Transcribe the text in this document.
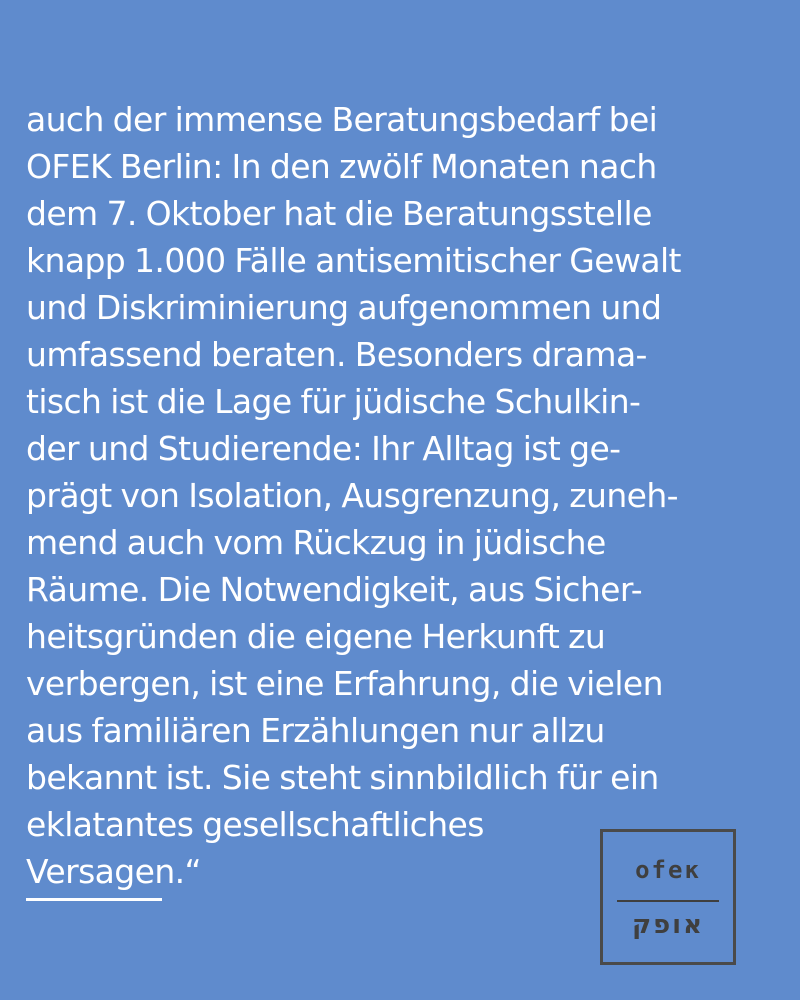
auch der immense Beratungsbedarf bei
OFEK Berlin: In den zwölf Monaten nach
dem 7. Oktober hat die Beratungsstelle
knapp 1.000 Fälle antisemitischer Gewalt
und Diskriminierung aufgenommen und
umfassend beraten. Besonders drama-
tisch ist die Lage für jüdische Schulkin-
der und Studierende: Ihr Alltag ist ge-
prägt von Isolation, Ausgrenzung, zuneh-
mend auch vom Rückzug in jüdische
Räume. Die Notwendigkeit, aus Sicher-
heitsgründen die eigene Herkunft zu
verbergen, ist eine Erfahrung, die vielen
aus familiären Erzählungen nur allzu
bekannt ist. Sie steht sinnbildlich für ein
eklatantes gesellschaftliches
Versagen.“	ofeĸ
אופק
